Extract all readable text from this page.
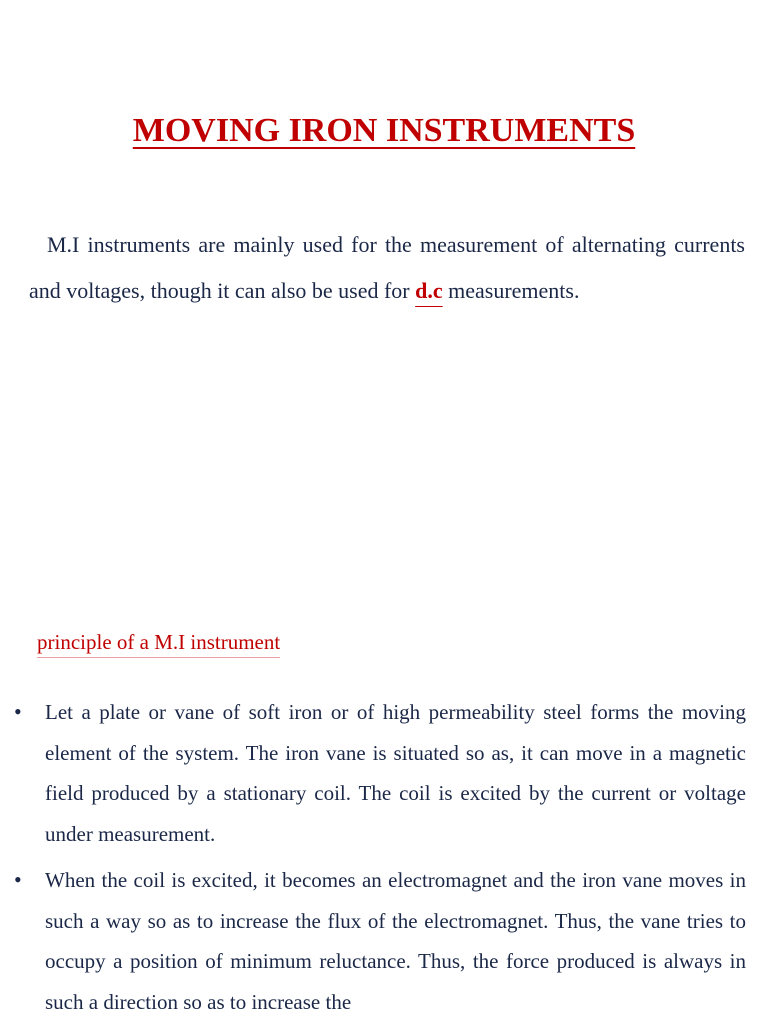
MOVING IRON INSTRUMENTS
M.I instruments are mainly used for the measurement of alternating currents and voltages, though it can also be used for d.c measurements.
principle of a M.I instrument
• Let a plate or vane of soft iron or of high permeability steel forms the moving element of the system. The iron vane is situated so as, it can move in a magnetic field produced by a stationary coil. The coil is excited by the current or voltage under measurement.
• When the coil is excited, it becomes an electromagnet and the iron vane moves in such a way so as to increase the flux of the electromagnet. Thus, the vane tries to occupy a position of minimum reluctance. Thus, the force produced is always in such a direction so as to increase the
